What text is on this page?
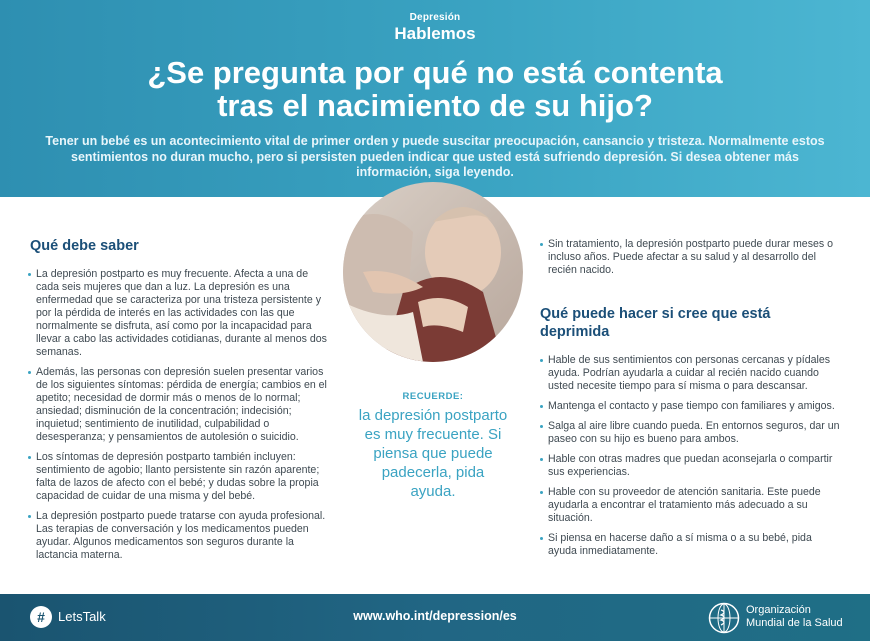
Depresión
Hablemos
¿Se pregunta por qué no está contenta
tras el nacimiento de su hijo?
Tener un bebé es un acontecimiento vital de primer orden y puede suscitar preocupación, cansancio y tristeza. Normalmente estos sentimientos no duran mucho, pero si persisten pueden indicar que usted está sufriendo depresión. Si desea obtener más información, siga leyendo.
Qué debe saber
La depresión postparto es muy frecuente. Afecta a una de cada seis mujeres que dan a luz. La depresión es una enfermedad que se caracteriza por una tristeza persistente y por la pérdida de interés en las actividades con las que normalmente se disfruta, así como por la incapacidad para llevar a cabo las actividades cotidianas, durante al menos dos semanas.
Además, las personas con depresión suelen presentar varios de los siguientes síntomas: pérdida de energía; cambios en el apetito; necesidad de dormir más o menos de lo normal; ansiedad; disminución de la concentración; indecisión; inquietud; sentimiento de inutilidad, culpabilidad o desesperanza; y pensamientos de autolesión o suicidio.
Los síntomas de depresión postparto también incluyen: sentimiento de agobio; llanto persistente sin razón aparente; falta de lazos de afecto con el bebé; y dudas sobre la propia capacidad de cuidar de una misma y del bebé.
La depresión postparto puede tratarse con ayuda profesional. Las terapias de conversación y los medicamentos pueden ayudar. Algunos medicamentos son seguros durante la lactancia materna.
RECUERDE:
la depresión postparto es muy frecuente. Si piensa que puede padecerla, pida ayuda.
Sin tratamiento, la depresión postparto puede durar meses o incluso años. Puede afectar a su salud y al desarrollo del recién nacido.
Qué puede hacer si cree que está deprimida
Hable de sus sentimientos con personas cercanas y pídales ayuda. Podrían ayudarla a cuidar al recién nacido cuando usted necesite tiempo para sí misma o para descansar.
Mantenga el contacto y pase tiempo con familiares y amigos.
Salga al aire libre cuando pueda. En entornos seguros, dar un paseo con su hijo es bueno para ambos.
Hable con otras madres que puedan aconsejarla o compartir sus experiencias.
Hable con su proveedor de atención sanitaria. Este puede ayudarla a encontrar el tratamiento más adecuado a su situación.
Si piensa en hacerse daño a sí misma o a su bebé, pida ayuda inmediatamente.
#	LetsTalk	www.who.int/depression/es	Organización
Mundial de la Salud
